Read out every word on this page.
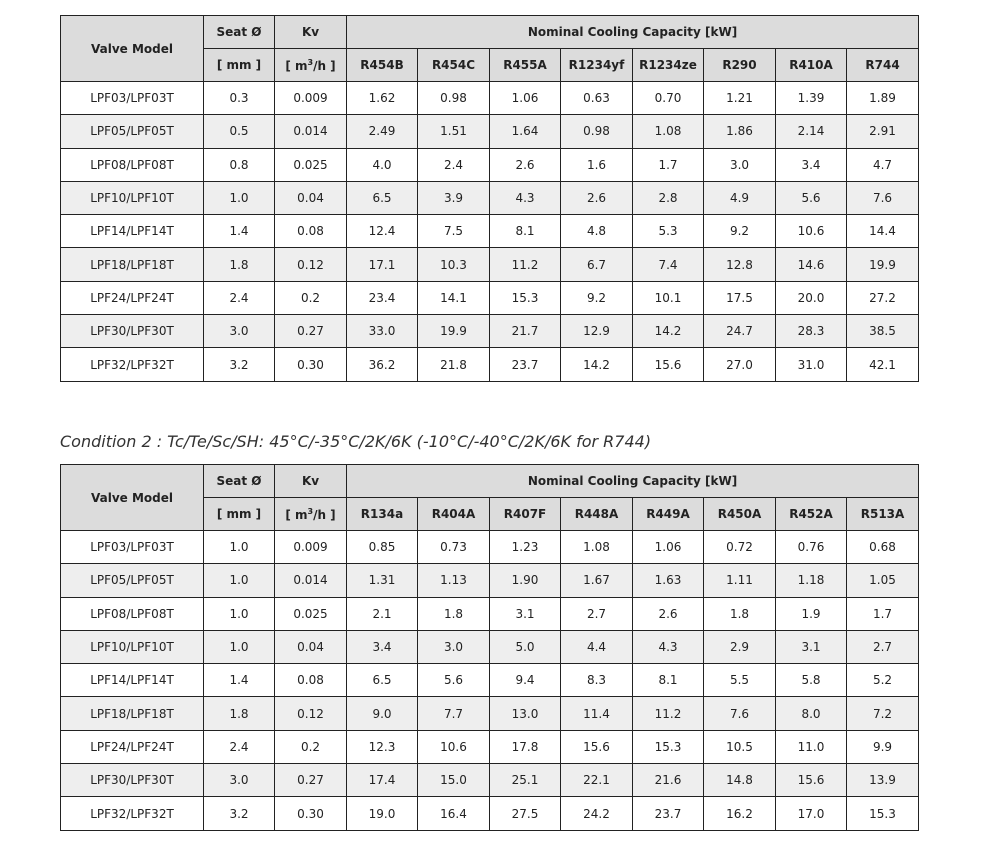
Valve Model	Seat Ø	Kv	Nominal Cooling Capacity [kW]							
	[ mm ]	[ $m^3/h$ ]	R454B	R454C	R455A	R1234yf	R1234ze	R290	R410A	R744
LPF03/LPF03T	0.3	0.009	1.62	0.98	1.06	0.63	0.70	1.21	1.39	1.89
LPF05/LPF05T	0.5	0.014	2.49	1.51	1.64	0.98	1.08	1.86	2.14	2.91
LPF08/LPF08T	0.8	0.025	4.0	2.4	2.6	1.6	1.7	3.0	3.4	4.7
LPF10/LPF10T	1.0	0.04	6.5	3.9	4.3	2.6	2.8	4.9	5.6	7.6
LPF14/LPF14T	1.4	0.08	12.4	7.5	8.1	4.8	5.3	9.2	10.6	14.4
LPF18/LPF18T	1.8	0.12	17.1	10.3	11.2	6.7	7.4	12.8	14.6	19.9
LPF24/LPF24T	2.4	0.2	23.4	14.1	15.3	9.2	10.1	17.5	20.0	27.2
LPF30/LPF30T	3.0	0.27	33.0	19.9	21.7	12.9	14.2	24.7	28.3	38.5
LPF32/LPF32T	3.2	0.30	36.2	21.8	23.7	14.2	15.6	27.0	31.0	42.1
Condition 2 : Tc/Te/Sc/SH: 45°C/-35°C/2K/6K (-10°C/-40°C/2K/6K for R744)
Valve Model	Seat Ø	Kv	Nominal Cooling Capacity [kW]							
	[ mm ]	[ $m^3/h$ ]	R134a	R404A	R407F	R448A	R449A	R450A	R452A	R513A
LPF03/LPF03T	1.0	0.009	0.85	0.73	1.23	1.08	1.06	0.72	0.76	0.68
LPF05/LPF05T	1.0	0.014	1.31	1.13	1.90	1.67	1.63	1.11	1.18	1.05
LPF08/LPF08T	1.0	0.025	2.1	1.8	3.1	2.7	2.6	1.8	1.9	1.7
LPF10/LPF10T	1.0	0.04	3.4	3.0	5.0	4.4	4.3	2.9	3.1	2.7
LPF14/LPF14T	1.4	0.08	6.5	5.6	9.4	8.3	8.1	5.5	5.8	5.2
LPF18/LPF18T	1.8	0.12	9.0	7.7	13.0	11.4	11.2	7.6	8.0	7.2
LPF24/LPF24T	2.4	0.2	12.3	10.6	17.8	15.6	15.3	10.5	11.0	9.9
LPF30/LPF30T	3.0	0.27	17.4	15.0	25.1	22.1	21.6	14.8	15.6	13.9
LPF32/LPF32T	3.2	0.30	19.0	16.4	27.5	24.2	23.7	16.2	17.0	15.3
